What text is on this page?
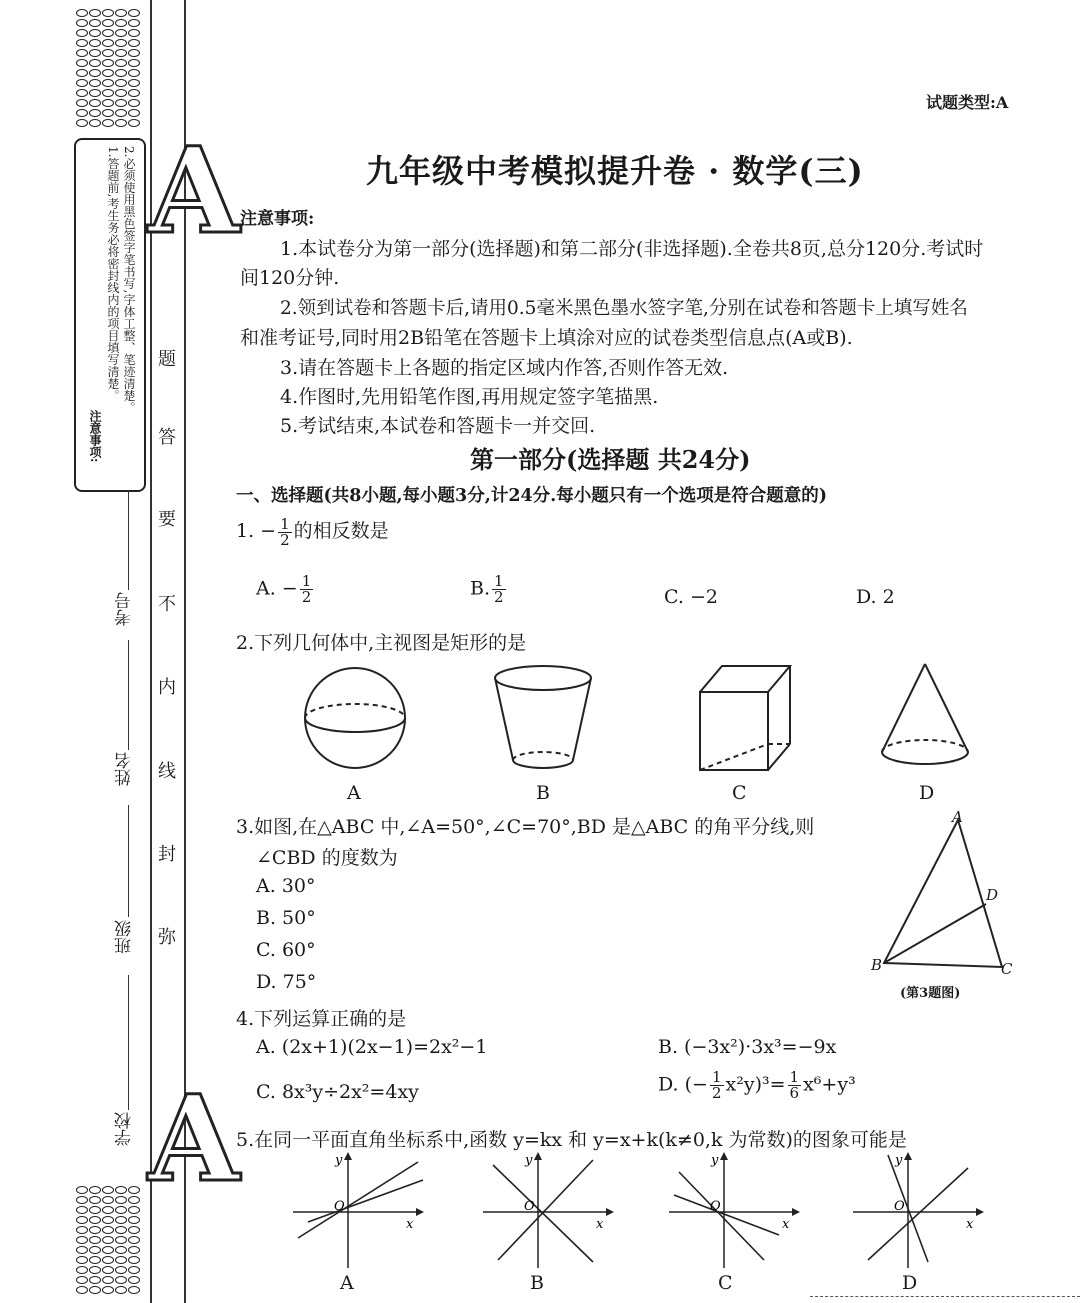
2.必须使用黑色签字笔书写,字体工整、笔迹清楚。
1.答题前,考生务必将密封线内的项目填写清楚。
注意事项:
A
A
题
答
要
不
内
线
封
弥
考号
姓名
班级
学校
试题类型:A
九年级中考模拟提升卷 · 数学(三)
注意事项:
1.本试卷分为第一部分(选择题)和第二部分(非选择题).全卷共8页,总分120分.考试时
间120分钟.
2.领到试卷和答题卡后,请用0.5毫米黑色墨水签字笔,分别在试卷和答题卡上填写姓名
和准考证号,同时用2B铅笔在答题卡上填涂对应的试卷类型信息点(A或B).
3.请在答题卡上各题的指定区域内作答,否则作答无效.
4.作图时,先用铅笔作图,再用规定签字笔描黑.
5.考试结束,本试卷和答题卡一并交回.
第一部分(选择题 共24分)
一、选择题(共8小题,每小题3分,计24分.每小题只有一个选项是符合题意的)
1. − $\frac{1}{2}$ 的相反数是
A. − $\frac{1}{2}$	B. $\frac{1}{2}$	C. −2	D. 2
2.下列几何体中,主视图是矩形的是
A	B	C	D
3.如图,在△ABC 中,∠A=50°,∠C=70°,BD 是△ABC 的角平分线,则
∠CBD 的度数为
A. 30°
B. 50°
C. 60°
D. 75°
A
D
B	C
(第3题图)
4.下列运算正确的是
A. (2x+1)(2x−1)=2x²−1	B. (−3x²)·3x³=−9x
C. 8x³y÷2x²=4xy	D. (− $\frac{1}{2} x^2y)^3= \frac{1}{6} x^6+y^3$
5.在同一平面直角坐标系中,函数 y=kx 和 y=x+k(k≠0,k 为常数)的图象可能是
x
y
O
A
x
y
O
B
x
y
O
C
x
y
O
D
